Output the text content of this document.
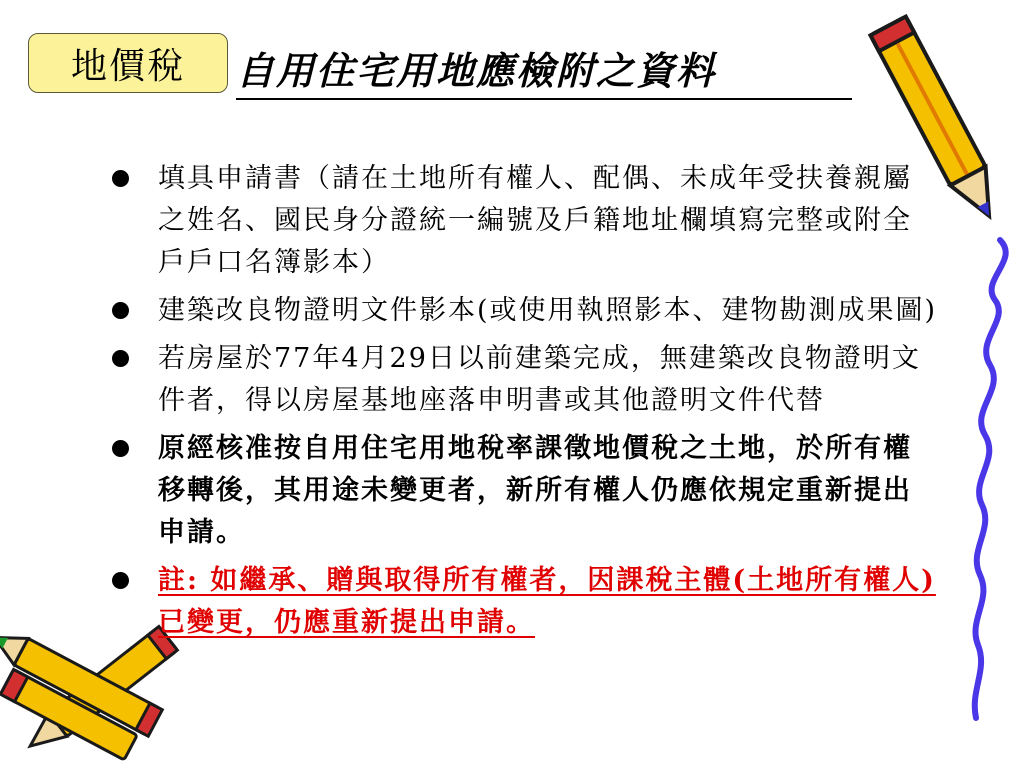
地價稅 自用住宅用地應檢附之資料
填具申請書（請在土地所有權人、配偶、未成年受扶養親屬之姓名、國民身分證統一編號及戶籍地址欄填寫完整或附全戶戶口名簿影本）
建築改良物證明文件影本(或使用執照影本、建物勘測成果圖)
若房屋於77年4月29日以前建築完成，無建築改良物證明文件者，得以房屋基地座落申明書或其他證明文件代替
原經核准按自用住宅用地稅率課徵地價稅之土地，於所有權移轉後，其用途未變更者，新所有權人仍應依規定重新提出申請。
註: 如繼承、贈與取得所有權者，因課稅主體(土地所有權人)已變更，仍應重新提出申請。
